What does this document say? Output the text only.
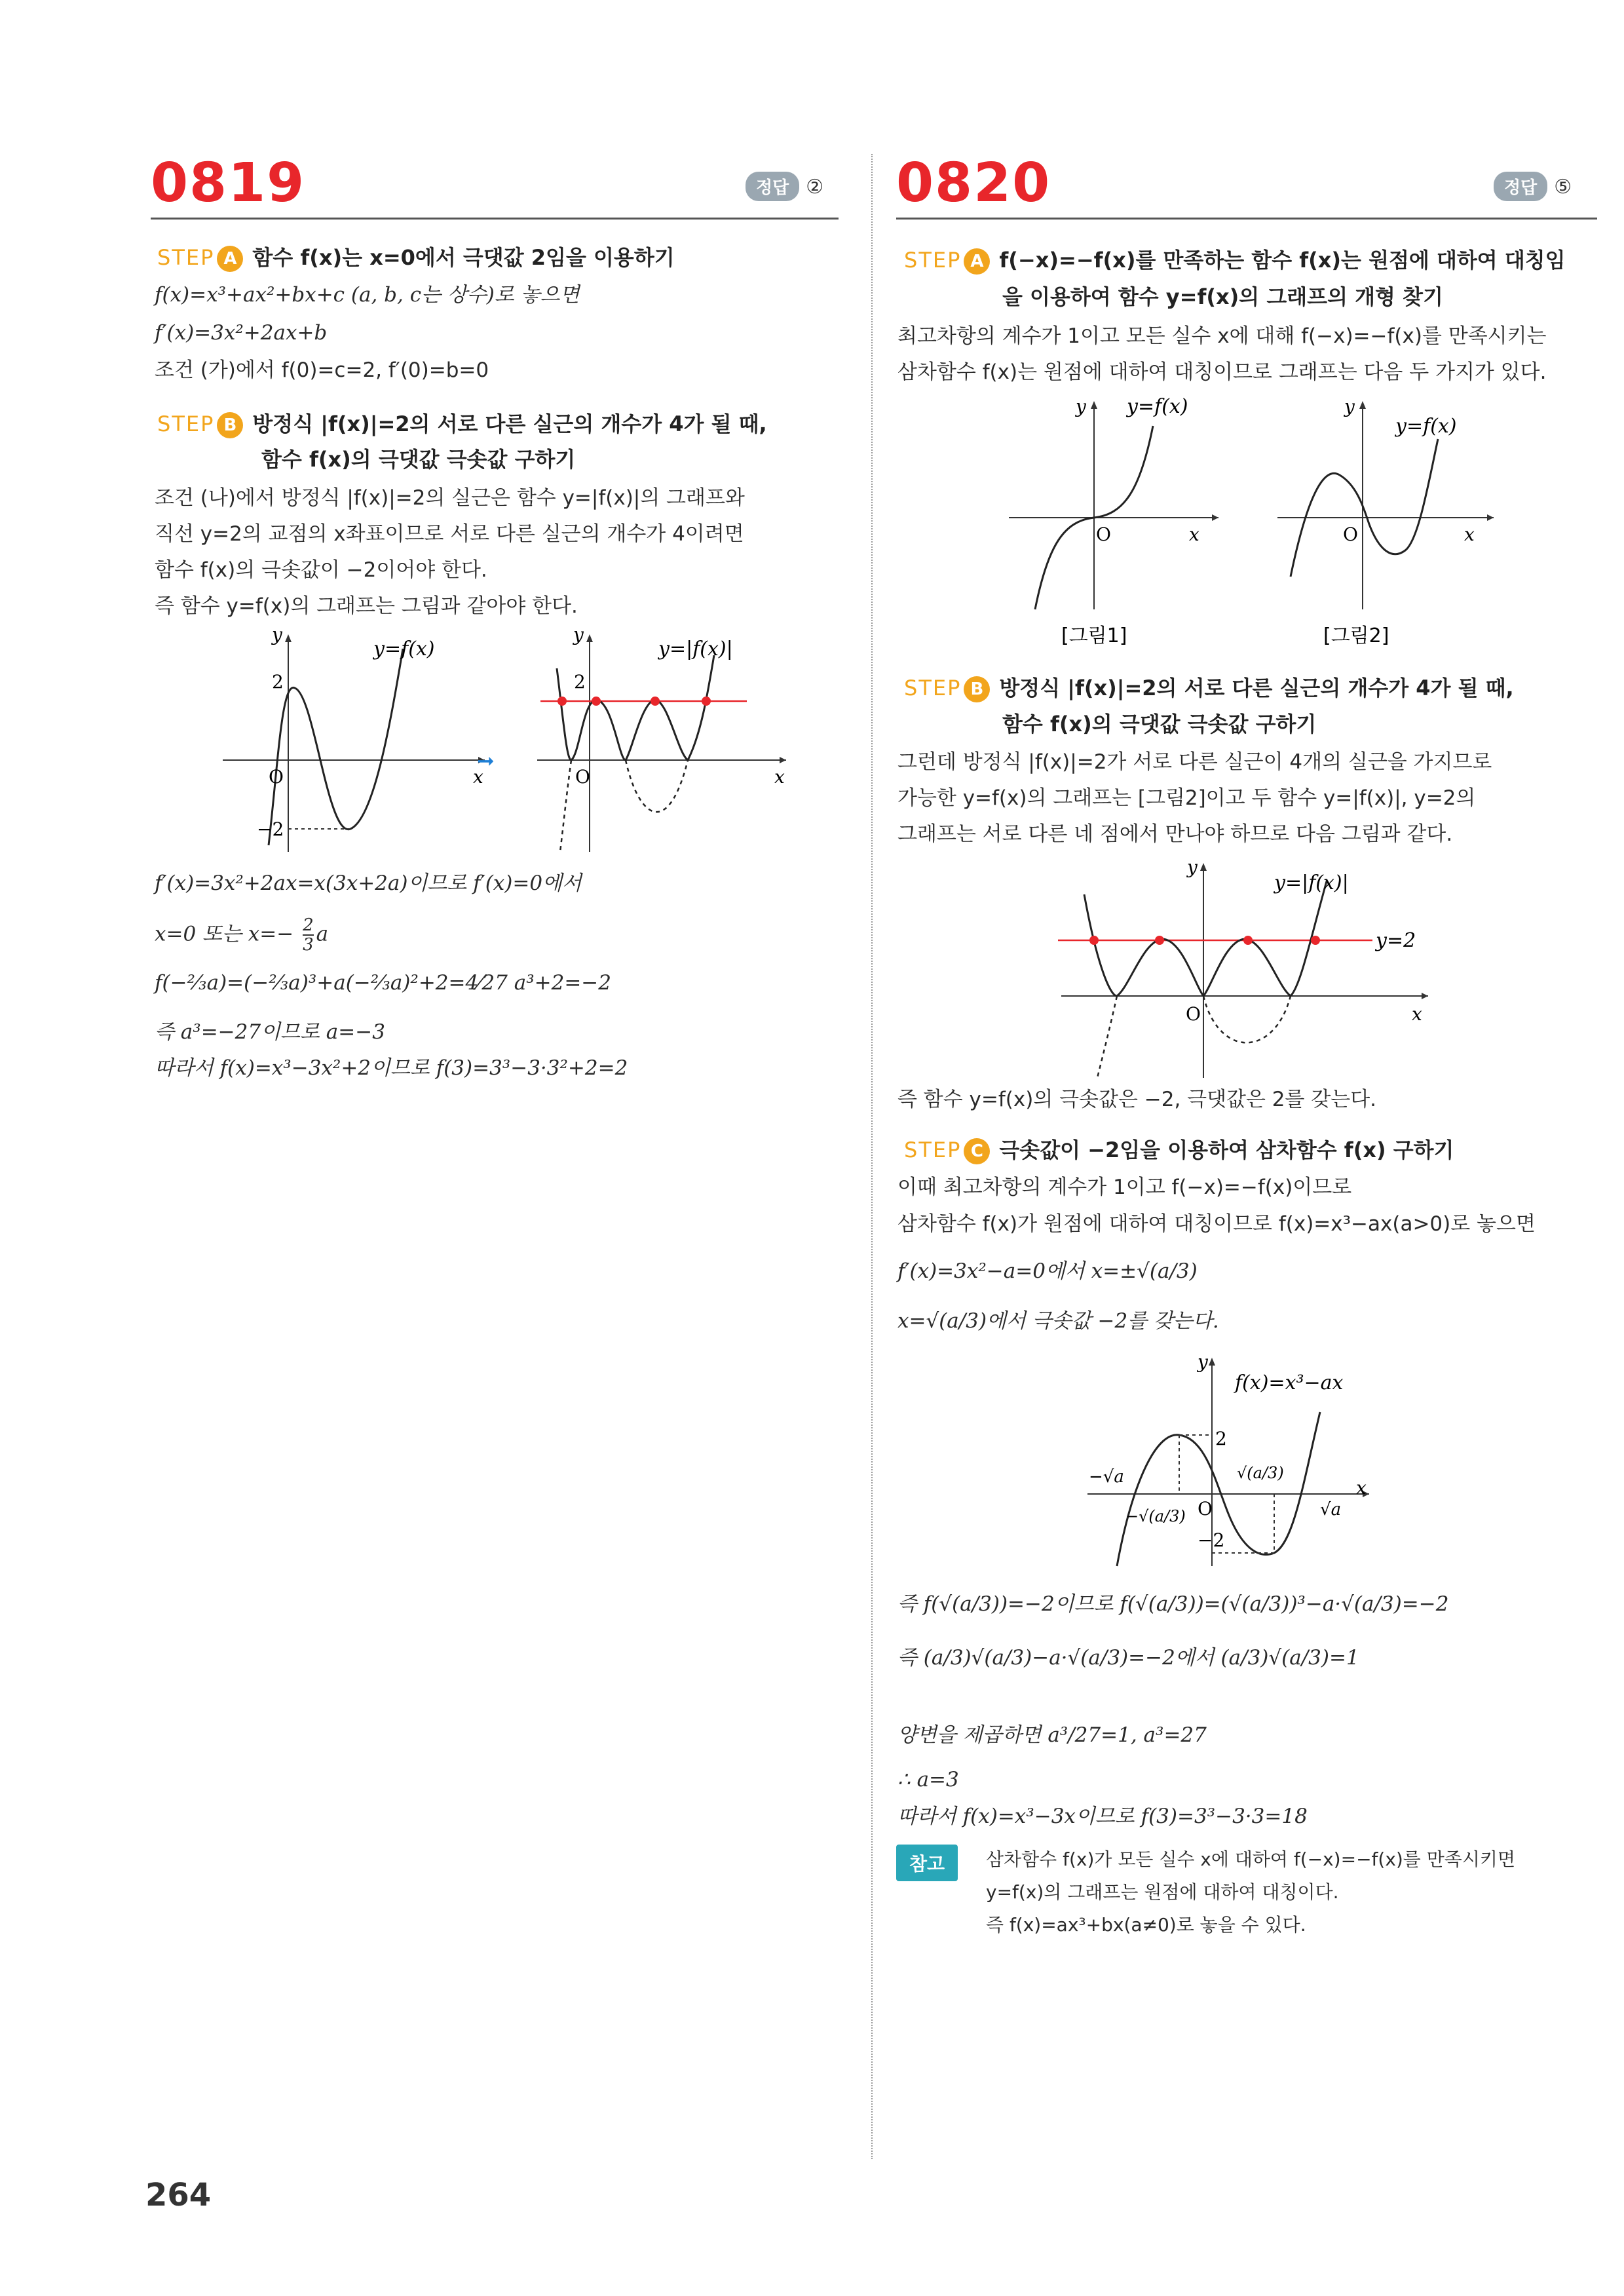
0819	정답 ②
STEP A 함수 f(x)는 x=0에서 극댓값 2임을 이용하기
f(x)=x³+ax²+bx+c (a, b, c는 상수)로 놓으면
f′(x)=3x²+2ax+b
조건 (가)에서 f(0)=c=2, f′(0)=b=0
STEP B 방정식 |f(x)|=2의 서로 다른 실근의 개수가 4가 될 때,
함수 f(x)의 극댓값 극솟값 구하기
조건 (나)에서 방정식 |f(x)|=2의 실근은 함수 y=|f(x)|의 그래프와
직선 y=2의 교점의 x좌표이므로 서로 다른 실근의 개수가 4이려면
함수 f(x)의 극솟값이 −2이어야 한다.
즉 함수 y=f(x)의 그래프는 그림과 같아야 한다.
y
x
O
2
−2
y=f(x)
➞
y
x
O
2
y=|f(x)|
f′(x)=3x²+2ax=x(3x+2a)이므로 f′(x)=0에서
x=0 또는 $x=- \frac{2}{3}$ a
f(−⅔a)=(−⅔a)³+a(−⅔a)²+2=4⁄27 a³+2=−2
즉 a³=−27이므로 a=−3
따라서 f(x)=x³−3x²+2이므로 f(3)=3³−3·3²+2=2
0820	정답 ⑤
STEP A f(−x)=−f(x)를 만족하는 함수 f(x)는 원점에 대하여 대칭임
을 이용하여 함수 y=f(x)의 그래프의 개형 찾기
최고차항의 계수가 1이고 모든 실수 x에 대해 f(−x)=−f(x)를 만족시키는
삼차함수 f(x)는 원점에 대하여 대칭이므로 그래프는 다음 두 가지가 있다.
y
x
O
y=f(x)
[그림1]
y
x
O
y=f(x)
[그림2]
STEP B 방정식 |f(x)|=2의 서로 다른 실근의 개수가 4가 될 때,
함수 f(x)의 극댓값 극솟값 구하기
그런데 방정식 |f(x)|=2가 서로 다른 실근이 4개의 실근을 가지므로
가능한 y=f(x)의 그래프는 [그림2]이고 두 함수 y=|f(x)|, y=2의
그래프는 서로 다른 네 점에서 만나야 하므로 다음 그림과 같다.
y
x
O
y=|f(x)|
y=2
즉 함수 y=f(x)의 극솟값은 −2, 극댓값은 2를 갖는다.
STEP C 극솟값이 −2임을 이용하여 삼차함수 f(x) 구하기
이때 최고차항의 계수가 1이고 f(−x)=−f(x)이므로
삼차함수 f(x)가 원점에 대하여 대칭이므로 f(x)=x³−ax(a>0)로 놓으면
f′(x)=3x²−a=0에서 x=±√(a/3)
x=√(a/3)에서 극솟값 −2를 갖는다.
y
x
O
2
−2
f(x)=x³−ax
−√a
√a
√(a/3)
−√(a/3)
즉 f(√(a/3))=−2이므로 f(√(a/3))=(√(a/3))³−a·√(a/3)=−2
즉 (a/3)√(a/3)−a·√(a/3)=−2에서 (a/3)√(a/3)=1
양변을 제곱하면 a³/27=1, a³=27
∴ a=3
따라서 f(x)=x³−3x이므로 f(3)=3³−3·3=18
참고	삼차함수 f(x)가 모든 실수 x에 대하여 f(−x)=−f(x)를 만족시키면
y=f(x)의 그래프는 원점에 대하여 대칭이다.
즉 f(x)=ax³+bx(a≠0)로 놓을 수 있다.
264
